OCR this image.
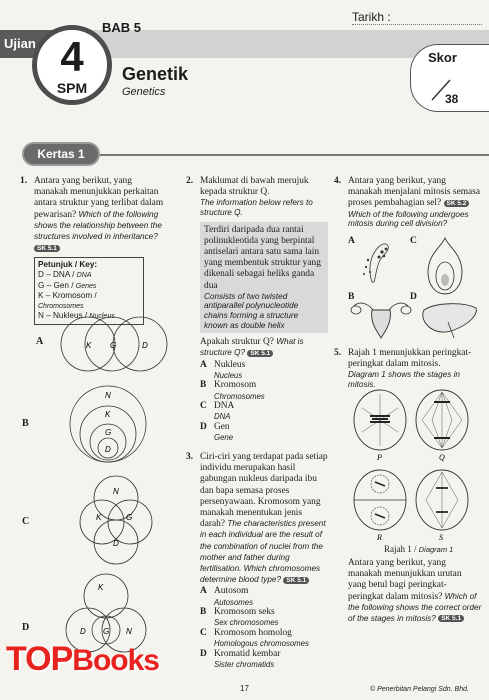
Tarikh :
Ujian
BAB 5
4
SPM
Genetik
Genetics
Skor
38
Kertas 1
1. Antara yang berikut, yang manakah menunjukkan perkaitan antara struktur yang terlibat dalam pewarisan? Which of the following shows the relationship between the structures involved in inheritance? SK 5.1
Petunjuk / Key:
D – DNA / DNA
G – Gen / Genes
K – Kromosom / Chromosomes
N – Nukleus / Nucleus
A	K G	D
B
N
K
G
D
C
N
K	G
D
D
K
D G N
2. Maklumat di bawah merujuk kepada struktur Q.
The information below refers to structure Q.
Terdiri daripada dua rantai polinukleotida yang berpintal antiselari antara satu sama lain yang membentuk struktur yang dikenali sebagai heliks ganda dua
Consists of two twisted antiparallel polynucleotide chains forming a structure known as double helix
Apakah struktur Q? What is structure Q? SK 5.1
A Nukleus
Nucleus
B Kromosom
Chromosomes
C DNA
DNA
D Gen
Gene
3. Ciri-ciri yang terdapat pada setiap individu merupakan hasil gabungan nukleus daripada ibu dan bapa semasa proses persenyawaan. Kromosom yang manakah menentukan jenis darah? The characteristics present in each individual are the result of the combination of nuclei from the mother and father during fertilisation. Which chromosomes determine blood type? SK 5.1
A Autosom
Autosomes
B Kromosom seks
Sex chromosomes
C Kromosom homolog
Homologous chromosomes
D Kromatid kembar
Sister chromatids
4. Antara yang berikut, yang manakah menjalani mitosis semasa proses pembahagian sel? SK 5.2
Which of the following undergoes mitosis during cell division?
A	C
B	D
5. Rajah 1 menunjukkan peringkat-peringkat dalam mitosis.
Diagram 1 shows the stages in mitosis.
P	Q
R	S
Rajah 1 / Diagram 1
Antara yang berikut, yang manakah menunjukkan urutan yang betul bagi peringkat-peringkat dalam mitosis? Which of the following shows the correct order of the stages in mitosis? SK 5.1
17	© Penerbitan Pelangi Sdn. Bhd.
TOPBooks
